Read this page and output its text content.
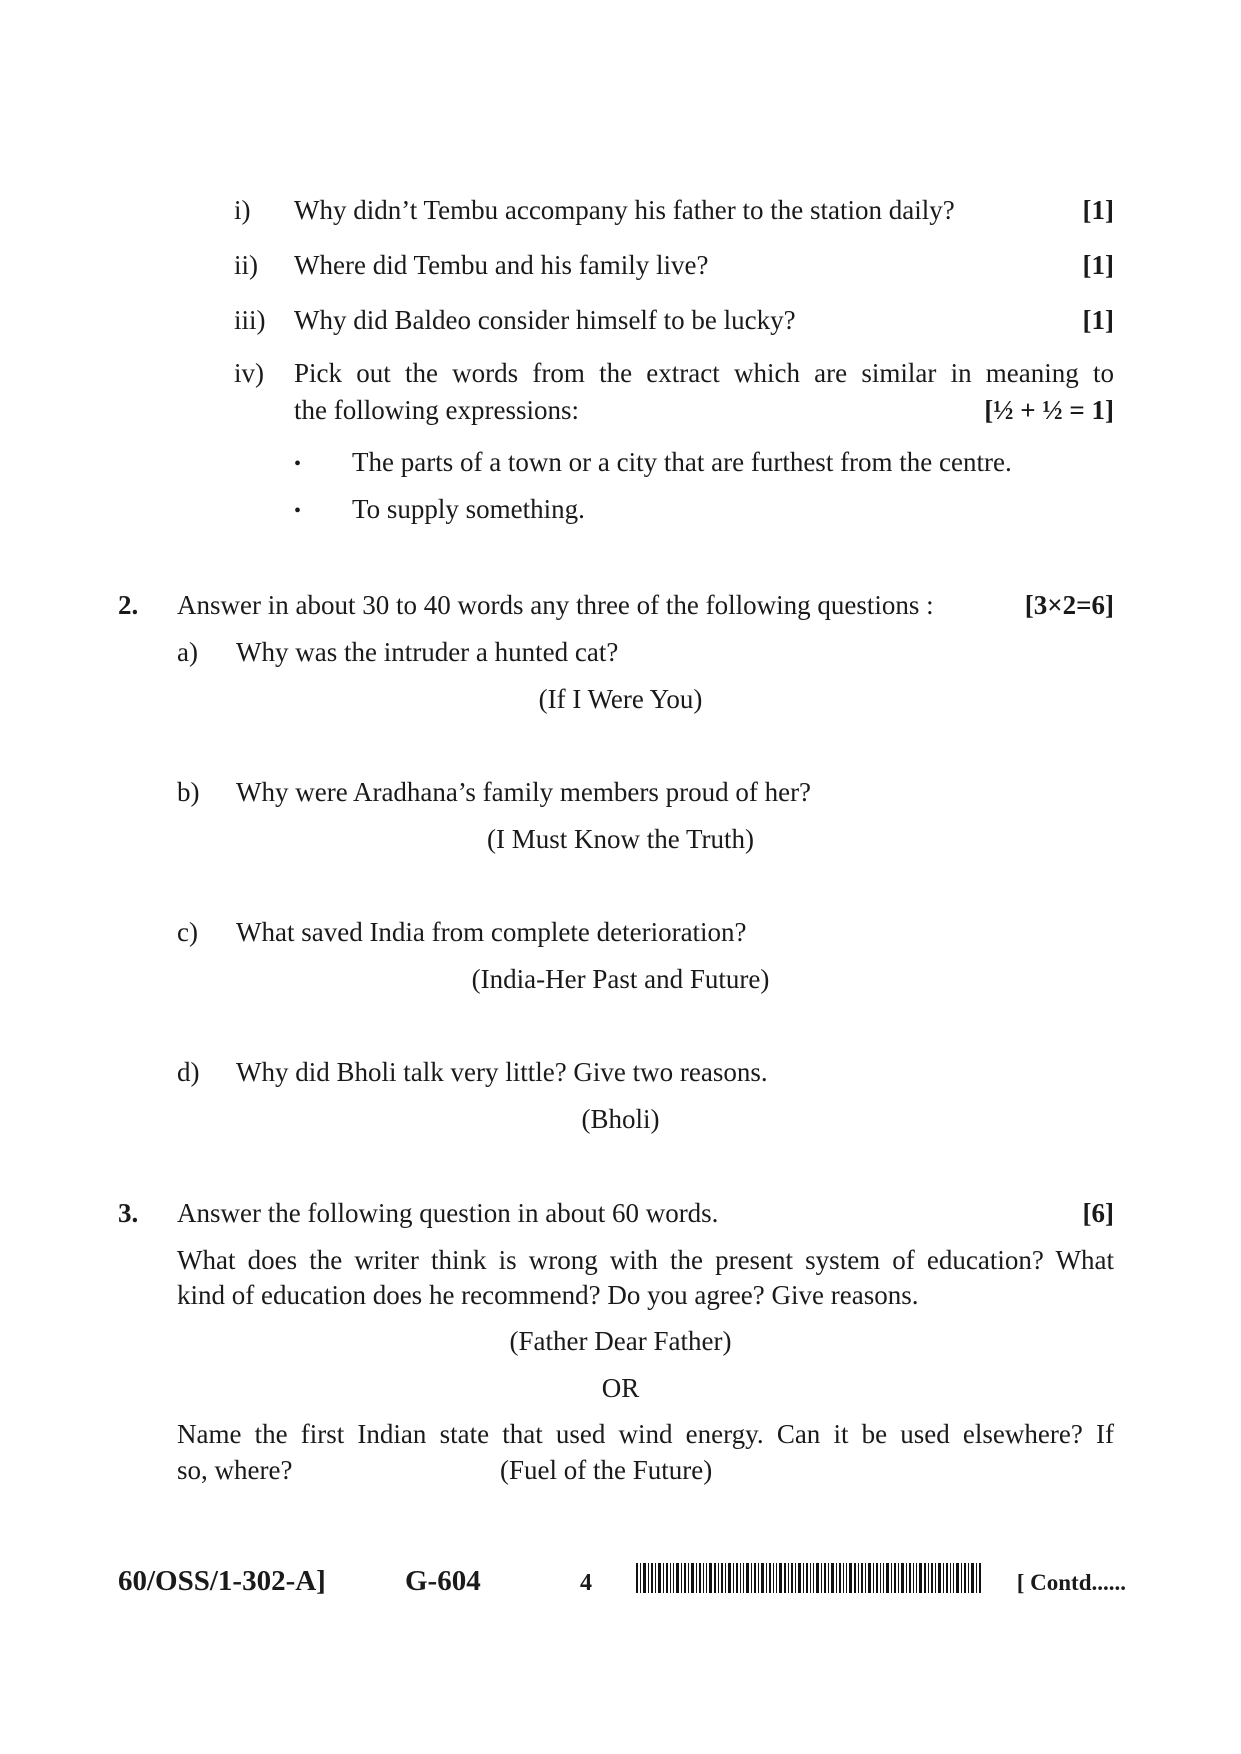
i) Why didn’t Tembu accompany his father to the station daily?	[1]
ii) Where did Tembu and his family live?	[1]
iii) Why did Baldeo consider himself to be lucky?	[1]
iv) Pick out the words from the extract which are similar in meaning to
the following expressions:	[½ + ½ = 1]
• The parts of a town or a city that are furthest from the centre.
• To supply something.
2. Answer in about 30 to 40 words any three of the following questions :	[3×2=6]
a) Why was the intruder a hunted cat?
(If I Were You)
b) Why were Aradhana’s family members proud of her?
(I Must Know the Truth)
c) What saved India from complete deterioration?
(India-Her Past and Future)
d) Why did Bholi talk very little? Give two reasons.
(Bholi)
3. Answer the following question in about 60 words.	[6]
What does the writer think is wrong with the present system of education? What
kind of education does he recommend? Do you agree? Give reasons.
(Father Dear Father)
OR
Name the first Indian state that used wind energy. Can it be used elsewhere? If
so, where?	(Fuel of the Future)
60/OSS/1-302-A]	G-604	4	[ Contd......
